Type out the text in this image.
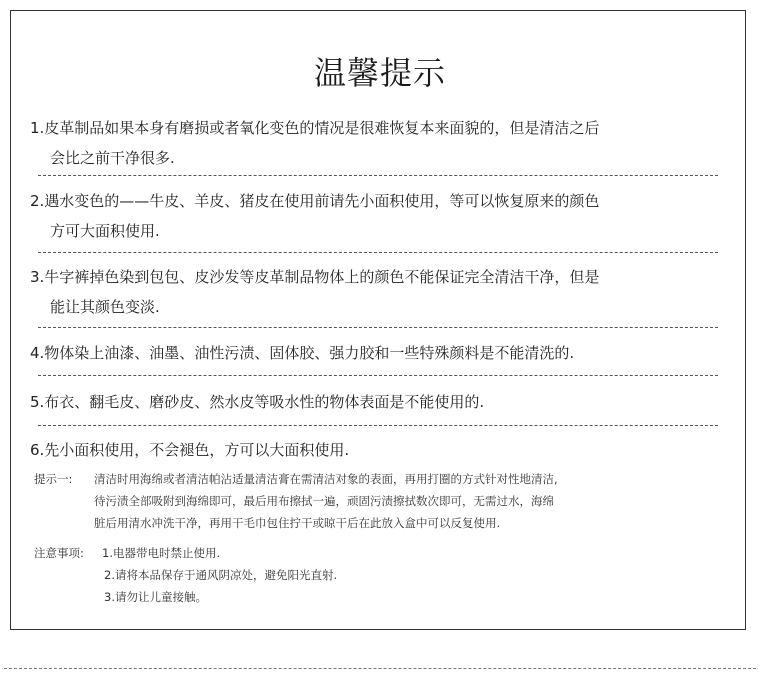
温馨提示
1.皮革制品如果本身有磨损或者氧化变色的情况是很难恢复本来面貌的，但是清洁之后
会比之前干净很多.
2.遇水变色的——牛皮、羊皮、猪皮在使用前请先小面积使用，等可以恢复原来的颜色
方可大面积使用.
3.牛字裤掉色染到包包、皮沙发等皮革制品物体上的颜色不能保证完全清洁干净，但是
能让其颜色变淡.
4.物体染上油漆、油墨、油性污渍、固体胶、强力胶和一些特殊颜料是不能清洗的.
5.布衣、翻毛皮、磨砂皮、然水皮等吸水性的物体表面是不能使用的.
6.先小面积使用，不会褪色，方可以大面积使用.
提示一: 清洁时用海绵或者清洁帕沾适量清洁膏在需清洁对象的表面，再用打圈的方式针对性地清洁,
待污渍全部吸附到海绵即可，最后用布擦拭一遍，顽固污渍擦拭数次即可，无需过水，海绵
脏后用清水冲洗干净，再用干毛巾包住拧干或晾干后在此放入盒中可以反复使用.
注意事项: 1.电器带电时禁止使用.
2.请将本品保存于通风阴凉处，避免阳光直射.
3.请勿让儿童接触。
